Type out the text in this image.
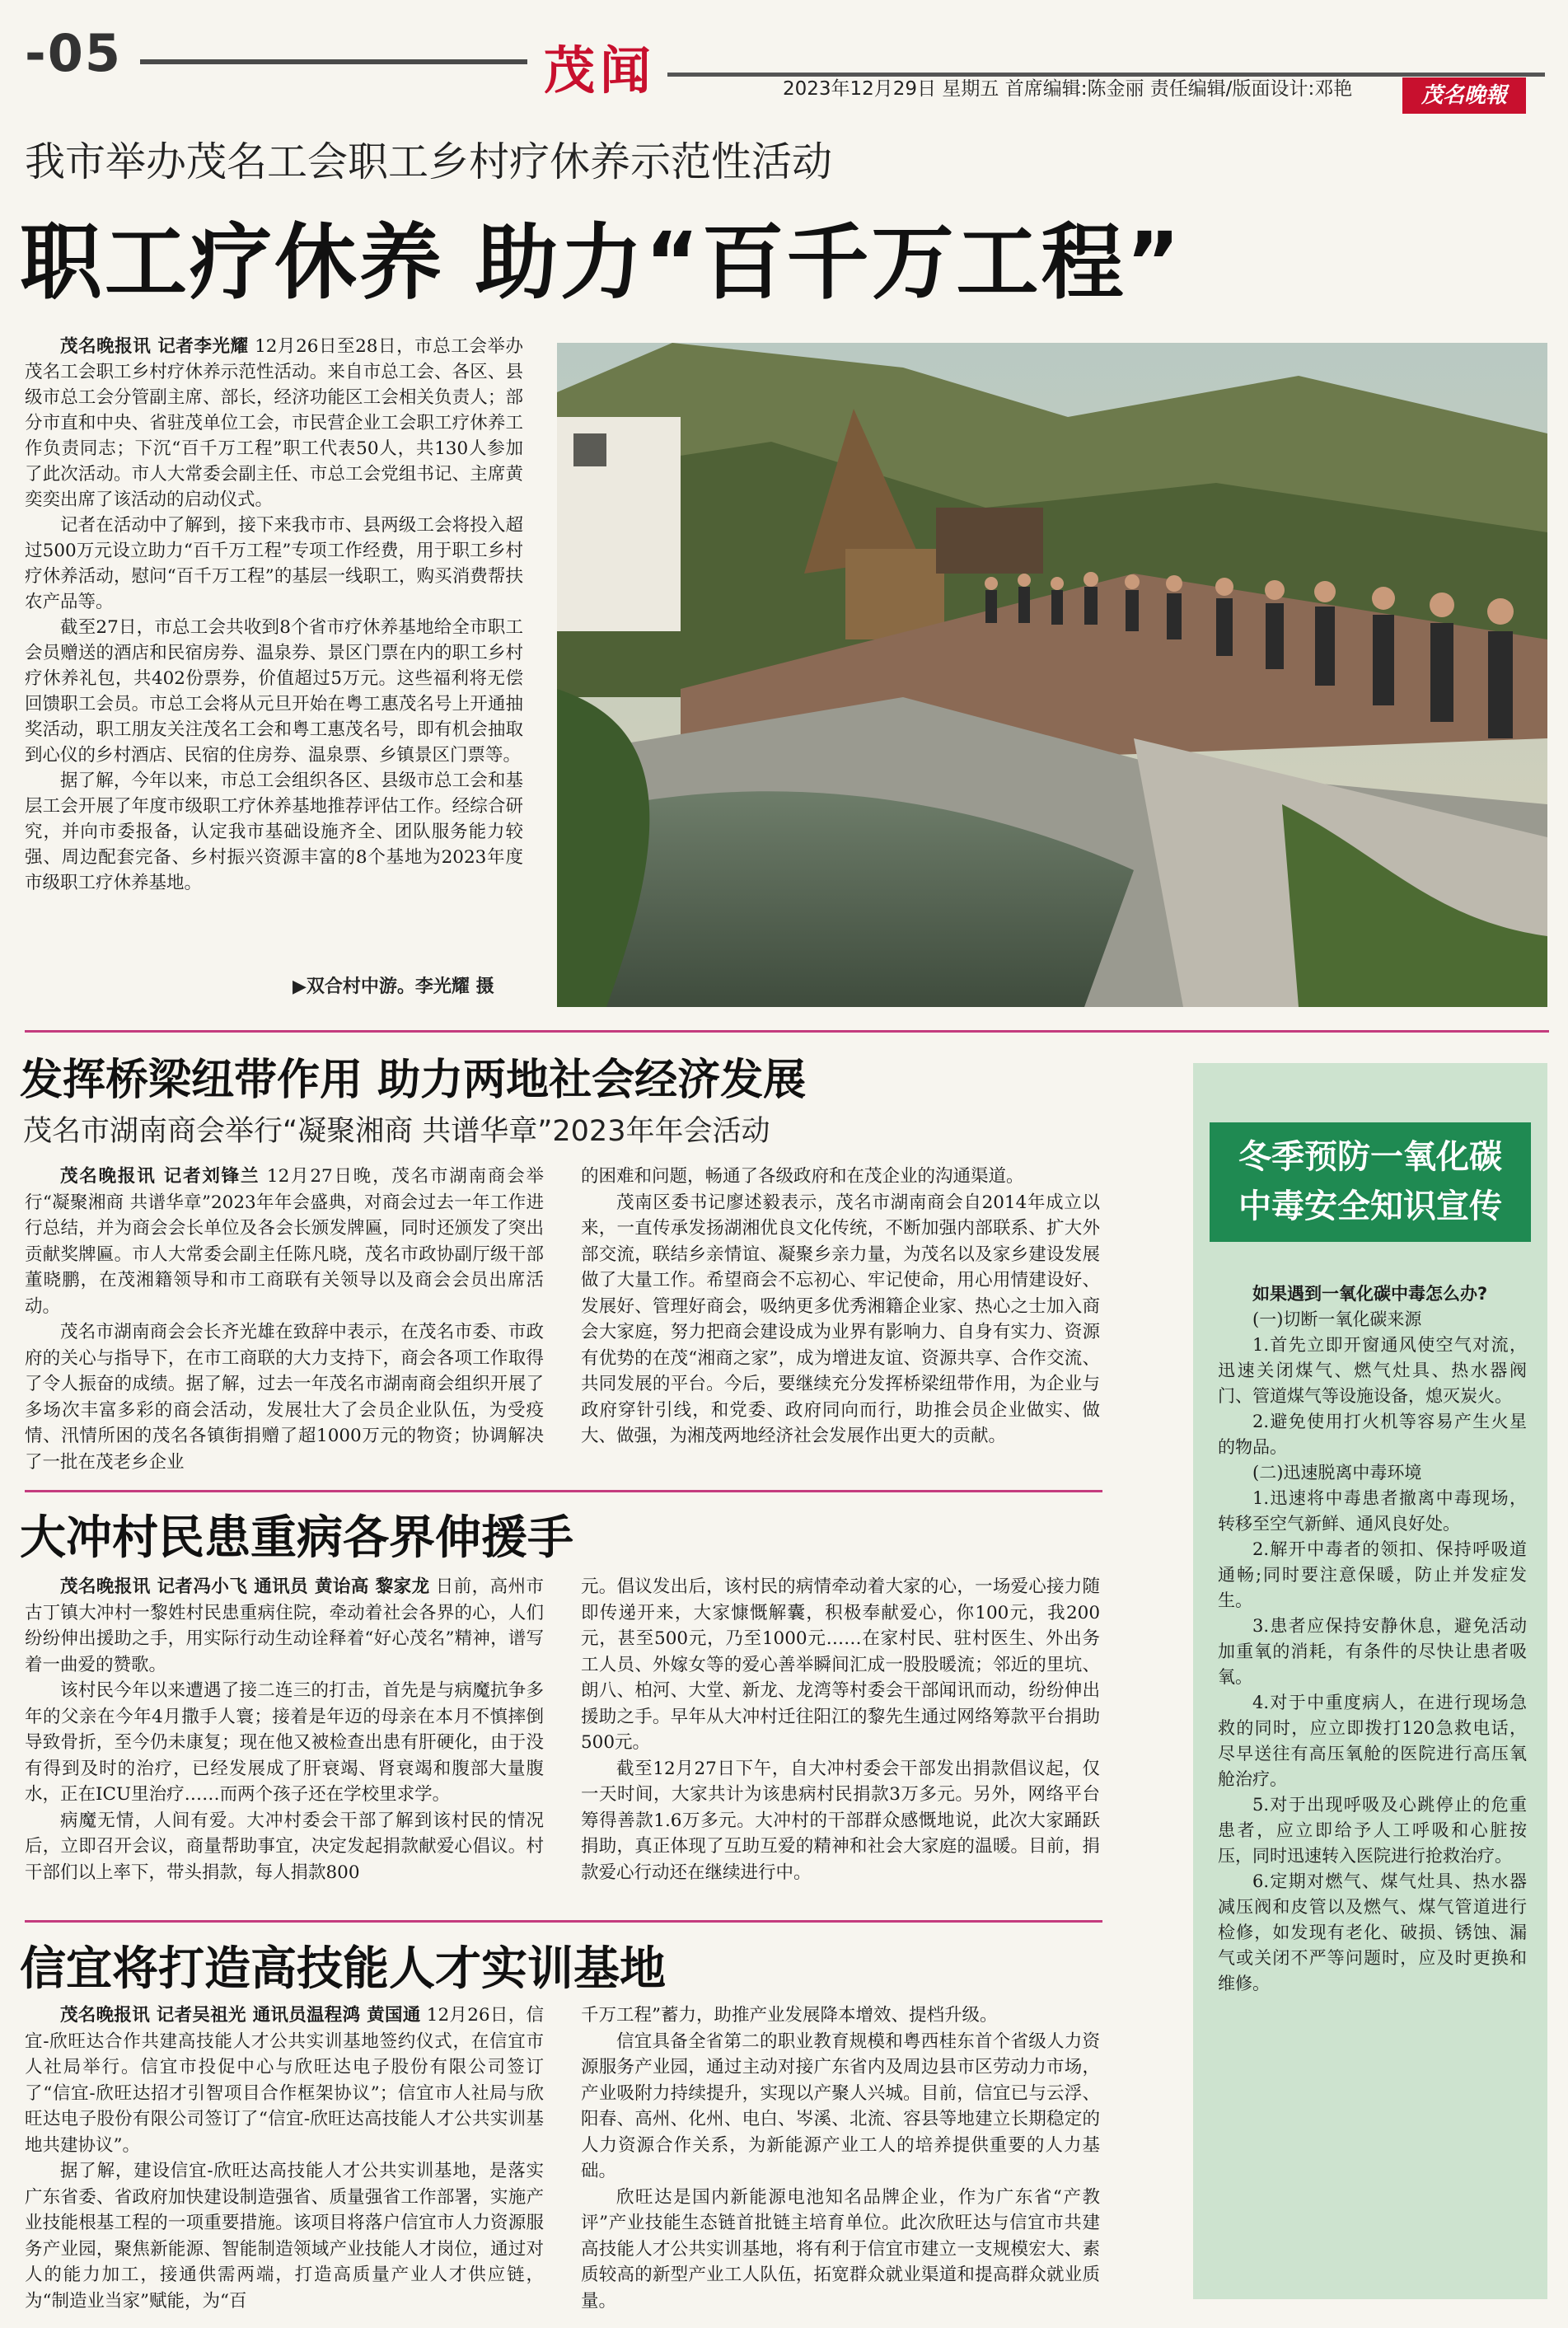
-05	茂闻	2023年12月29日 星期五 首席编辑:陈金丽 责任编辑/版面设计:邓艳	茂名晚報
我市举办茂名工会职工乡村疗休养示范性活动
职工疗休养 助力“百千万工程”

茂名晚报讯 记者李光耀 12月26日至28日，市总工会举办茂名工会职工乡村疗休养示范性活动。来自市总工会、各区、县级市总工会分管副主席、部长，经济功能区工会相关负责人；部分市直和中央、省驻茂单位工会，市民营企业工会职工疗休养工作负责同志；下沉“百千万工程”职工代表50人，共130人参加了此次活动。市人大常委会副主任、市总工会党组书记、主席黄奕奕出席了该活动的启动仪式。

记者在活动中了解到，接下来我市市、县两级工会将投入超过500万元设立助力“百千万工程”专项工作经费，用于职工乡村疗休养活动，慰问“百千万工程”的基层一线职工，购买消费帮扶农产品等。

截至27日，市总工会共收到8个省市疗休养基地给全市职工会员赠送的酒店和民宿房券、温泉券、景区门票在内的职工乡村疗休养礼包，共402份票券，价值超过5万元。这些福利将无偿回馈职工会员。市总工会将从元旦开始在粤工惠茂名号上开通抽奖活动，职工朋友关注茂名工会和粤工惠茂名号，即有机会抽取到心仪的乡村酒店、民宿的住房券、温泉票、乡镇景区门票等。

据了解，今年以来，市总工会组织各区、县级市总工会和基层工会开展了年度市级职工疗休养基地推荐评估工作。经综合研究，并向市委报备，认定我市基础设施齐全、团队服务能力较强、周边配套完备、乡村振兴资源丰富的8个基地为2023年度市级职工疗休养基地。

▶双合村中游。李光耀 摄
发挥桥梁纽带作用 助力两地社会经济发展
茂名市湖南商会举行“凝聚湘商 共谱华章”2023年年会活动

茂名晚报讯 记者刘锋兰 12月27日晚，茂名市湖南商会举行“凝聚湘商 共谱华章”2023年年会盛典，对商会过去一年工作进行总结，并为商会会长单位及各会长颁发牌匾，同时还颁发了突出贡献奖牌匾。市人大常委会副主任陈凡晓，茂名市政协副厅级干部董晓鹏，在茂湘籍领导和市工商联有关领导以及商会会员出席活动。

茂名市湖南商会会长齐光雄在致辞中表示，在茂名市委、市政府的关心与指导下，在市工商联的大力支持下，商会各项工作取得了令人振奋的成绩。据了解，过去一年茂名市湖南商会组织开展了多场次丰富多彩的商会活动，发展壮大了会员企业队伍，为受疫情、汛情所困的茂名各镇街捐赠了超1000万元的物资；协调解决了一批在茂老乡企业

的困难和问题，畅通了各级政府和在茂企业的沟通渠道。

茂南区委书记廖述毅表示，茂名市湖南商会自2014年成立以来，一直传承发扬湖湘优良文化传统，不断加强内部联系、扩大外部交流，联结乡亲情谊、凝聚乡亲力量，为茂名以及家乡建设发展做了大量工作。希望商会不忘初心、牢记使命，用心用情建设好、发展好、管理好商会，吸纳更多优秀湘籍企业家、热心之士加入商会大家庭，努力把商会建设成为业界有影响力、自身有实力、资源有优势的在茂“湘商之家”，成为增进友谊、资源共享、合作交流、共同发展的平台。今后，要继续充分发挥桥梁纽带作用，为企业与政府穿针引线，和党委、政府同向而行，助推会员企业做实、做大、做强，为湘茂两地经济社会发展作出更大的贡献。

大冲村民患重病各界伸援手

茂名晚报讯 记者冯小飞 通讯员 黄诒高 黎家龙 日前，高州市古丁镇大冲村一黎姓村民患重病住院，牵动着社会各界的心，人们纷纷伸出援助之手，用实际行动生动诠释着“好心茂名”精神，谱写着一曲爱的赞歌。

该村民今年以来遭遇了接二连三的打击，首先是与病魔抗争多年的父亲在今年4月撒手人寰；接着是年迈的母亲在本月不慎摔倒导致骨折，至今仍未康复；现在他又被检查出患有肝硬化，由于没有得到及时的治疗，已经发展成了肝衰竭、肾衰竭和腹部大量腹水，正在ICU里治疗……而两个孩子还在学校里求学。

病魔无情，人间有爱。大冲村委会干部了解到该村民的情况后，立即召开会议，商量帮助事宜，决定发起捐款献爱心倡议。村干部们以上率下，带头捐款，每人捐款800

元。倡议发出后，该村民的病情牵动着大家的心，一场爱心接力随即传递开来，大家慷慨解囊，积极奉献爱心，你100元，我200元，甚至500元，乃至1000元……在家村民、驻村医生、外出务工人员、外嫁女等的爱心善举瞬间汇成一股股暖流；邻近的里坑、朗八、柏河、大堂、新龙、龙湾等村委会干部闻讯而动，纷纷伸出援助之手。早年从大冲村迁往阳江的黎先生通过网络筹款平台捐助500元。

截至12月27日下午，自大冲村委会干部发出捐款倡议起，仅一天时间，大家共计为该患病村民捐款3万多元。另外，网络平台筹得善款1.6万多元。大冲村的干部群众感慨地说，此次大家踊跃捐助，真正体现了互助互爱的精神和社会大家庭的温暖。目前，捐款爱心行动还在继续进行中。

信宜将打造高技能人才实训基地

茂名晚报讯 记者吴祖光 通讯员温程鸿 黄国通 12月26日，信宜-欣旺达合作共建高技能人才公共实训基地签约仪式，在信宜市人社局举行。信宜市投促中心与欣旺达电子股份有限公司签订了“信宜-欣旺达招才引智项目合作框架协议”；信宜市人社局与欣旺达电子股份有限公司签订了“信宜-欣旺达高技能人才公共实训基地共建协议”。

据了解，建设信宜-欣旺达高技能人才公共实训基地，是落实广东省委、省政府加快建设制造强省、质量强省工作部署，实施产业技能根基工程的一项重要措施。该项目将落户信宜市人力资源服务产业园，聚焦新能源、智能制造领域产业技能人才岗位，通过对人的能力加工，接通供需两端，打造高质量产业人才供应链，为“制造业当家”赋能，为“百

千万工程”蓄力，助推产业发展降本增效、提档升级。

信宜具备全省第二的职业教育规模和粤西桂东首个省级人力资源服务产业园，通过主动对接广东省内及周边县市区劳动力市场，产业吸附力持续提升，实现以产聚人兴城。目前，信宜已与云浮、阳春、高州、化州、电白、岑溪、北流、容县等地建立长期稳定的人力资源合作关系，为新能源产业工人的培养提供重要的人力基础。

欣旺达是国内新能源电池知名品牌企业，作为广东省“产教评”产业技能生态链首批链主培育单位。此次欣旺达与信宜市共建高技能人才公共实训基地，将有利于信宜市建立一支规模宏大、素质较高的新型产业工人队伍，拓宽群众就业渠道和提高群众就业质量。

冬季预防一氧化碳
中毒安全知识宣传

如果遇到一氧化碳中毒怎么办?

(一)切断一氧化碳来源

1.首先立即开窗通风使空气对流，迅速关闭煤气、燃气灶具、热水器阀门、管道煤气等设施设备，熄灭炭火。

2.避免使用打火机等容易产生火星的物品。

(二)迅速脱离中毒环境

1.迅速将中毒患者撤离中毒现场，转移至空气新鲜、通风良好处。

2.解开中毒者的领扣、保持呼吸道通畅;同时要注意保暖，防止并发症发生。

3.患者应保持安静休息，避免活动加重氧的消耗，有条件的尽快让患者吸氧。

4.对于中重度病人，在进行现场急救的同时，应立即拨打120急救电话，尽早送往有高压氧舱的医院进行高压氧舱治疗。

5.对于出现呼吸及心跳停止的危重患者，应立即给予人工呼吸和心脏按压，同时迅速转入医院进行抢救治疗。

6.定期对燃气、煤气灶具、热水器减压阀和皮管以及燃气、煤气管道进行检修，如发现有老化、破损、锈蚀、漏气或关闭不严等问题时，应及时更换和维修。
